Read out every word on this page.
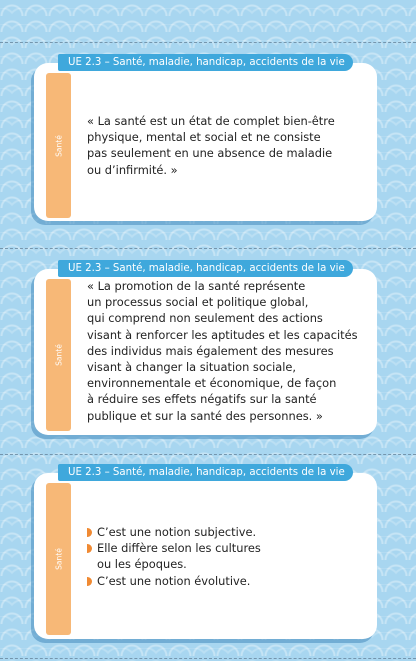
UE 2.3 – Santé, maladie, handicap, accidents de la vie
Santé
« La santé est un état de complet bien-être
physique, mental et social et ne consiste
pas seulement en une absence de maladie
ou d’infirmité. »
UE 2.3 – Santé, maladie, handicap, accidents de la vie
Santé
« La promotion de la santé représente
un processus social et politique global,
qui comprend non seulement des actions
visant à renforcer les aptitudes et les capacités
des individus mais également des mesures
visant à changer la situation sociale,
environnementale et économique, de façon
à réduire ses effets négatifs sur la santé
publique et sur la santé des personnes. »
UE 2.3 – Santé, maladie, handicap, accidents de la vie
Santé
C’est une notion subjective.
Elle diffère selon les cultures
ou les époques.
C’est une notion évolutive.
